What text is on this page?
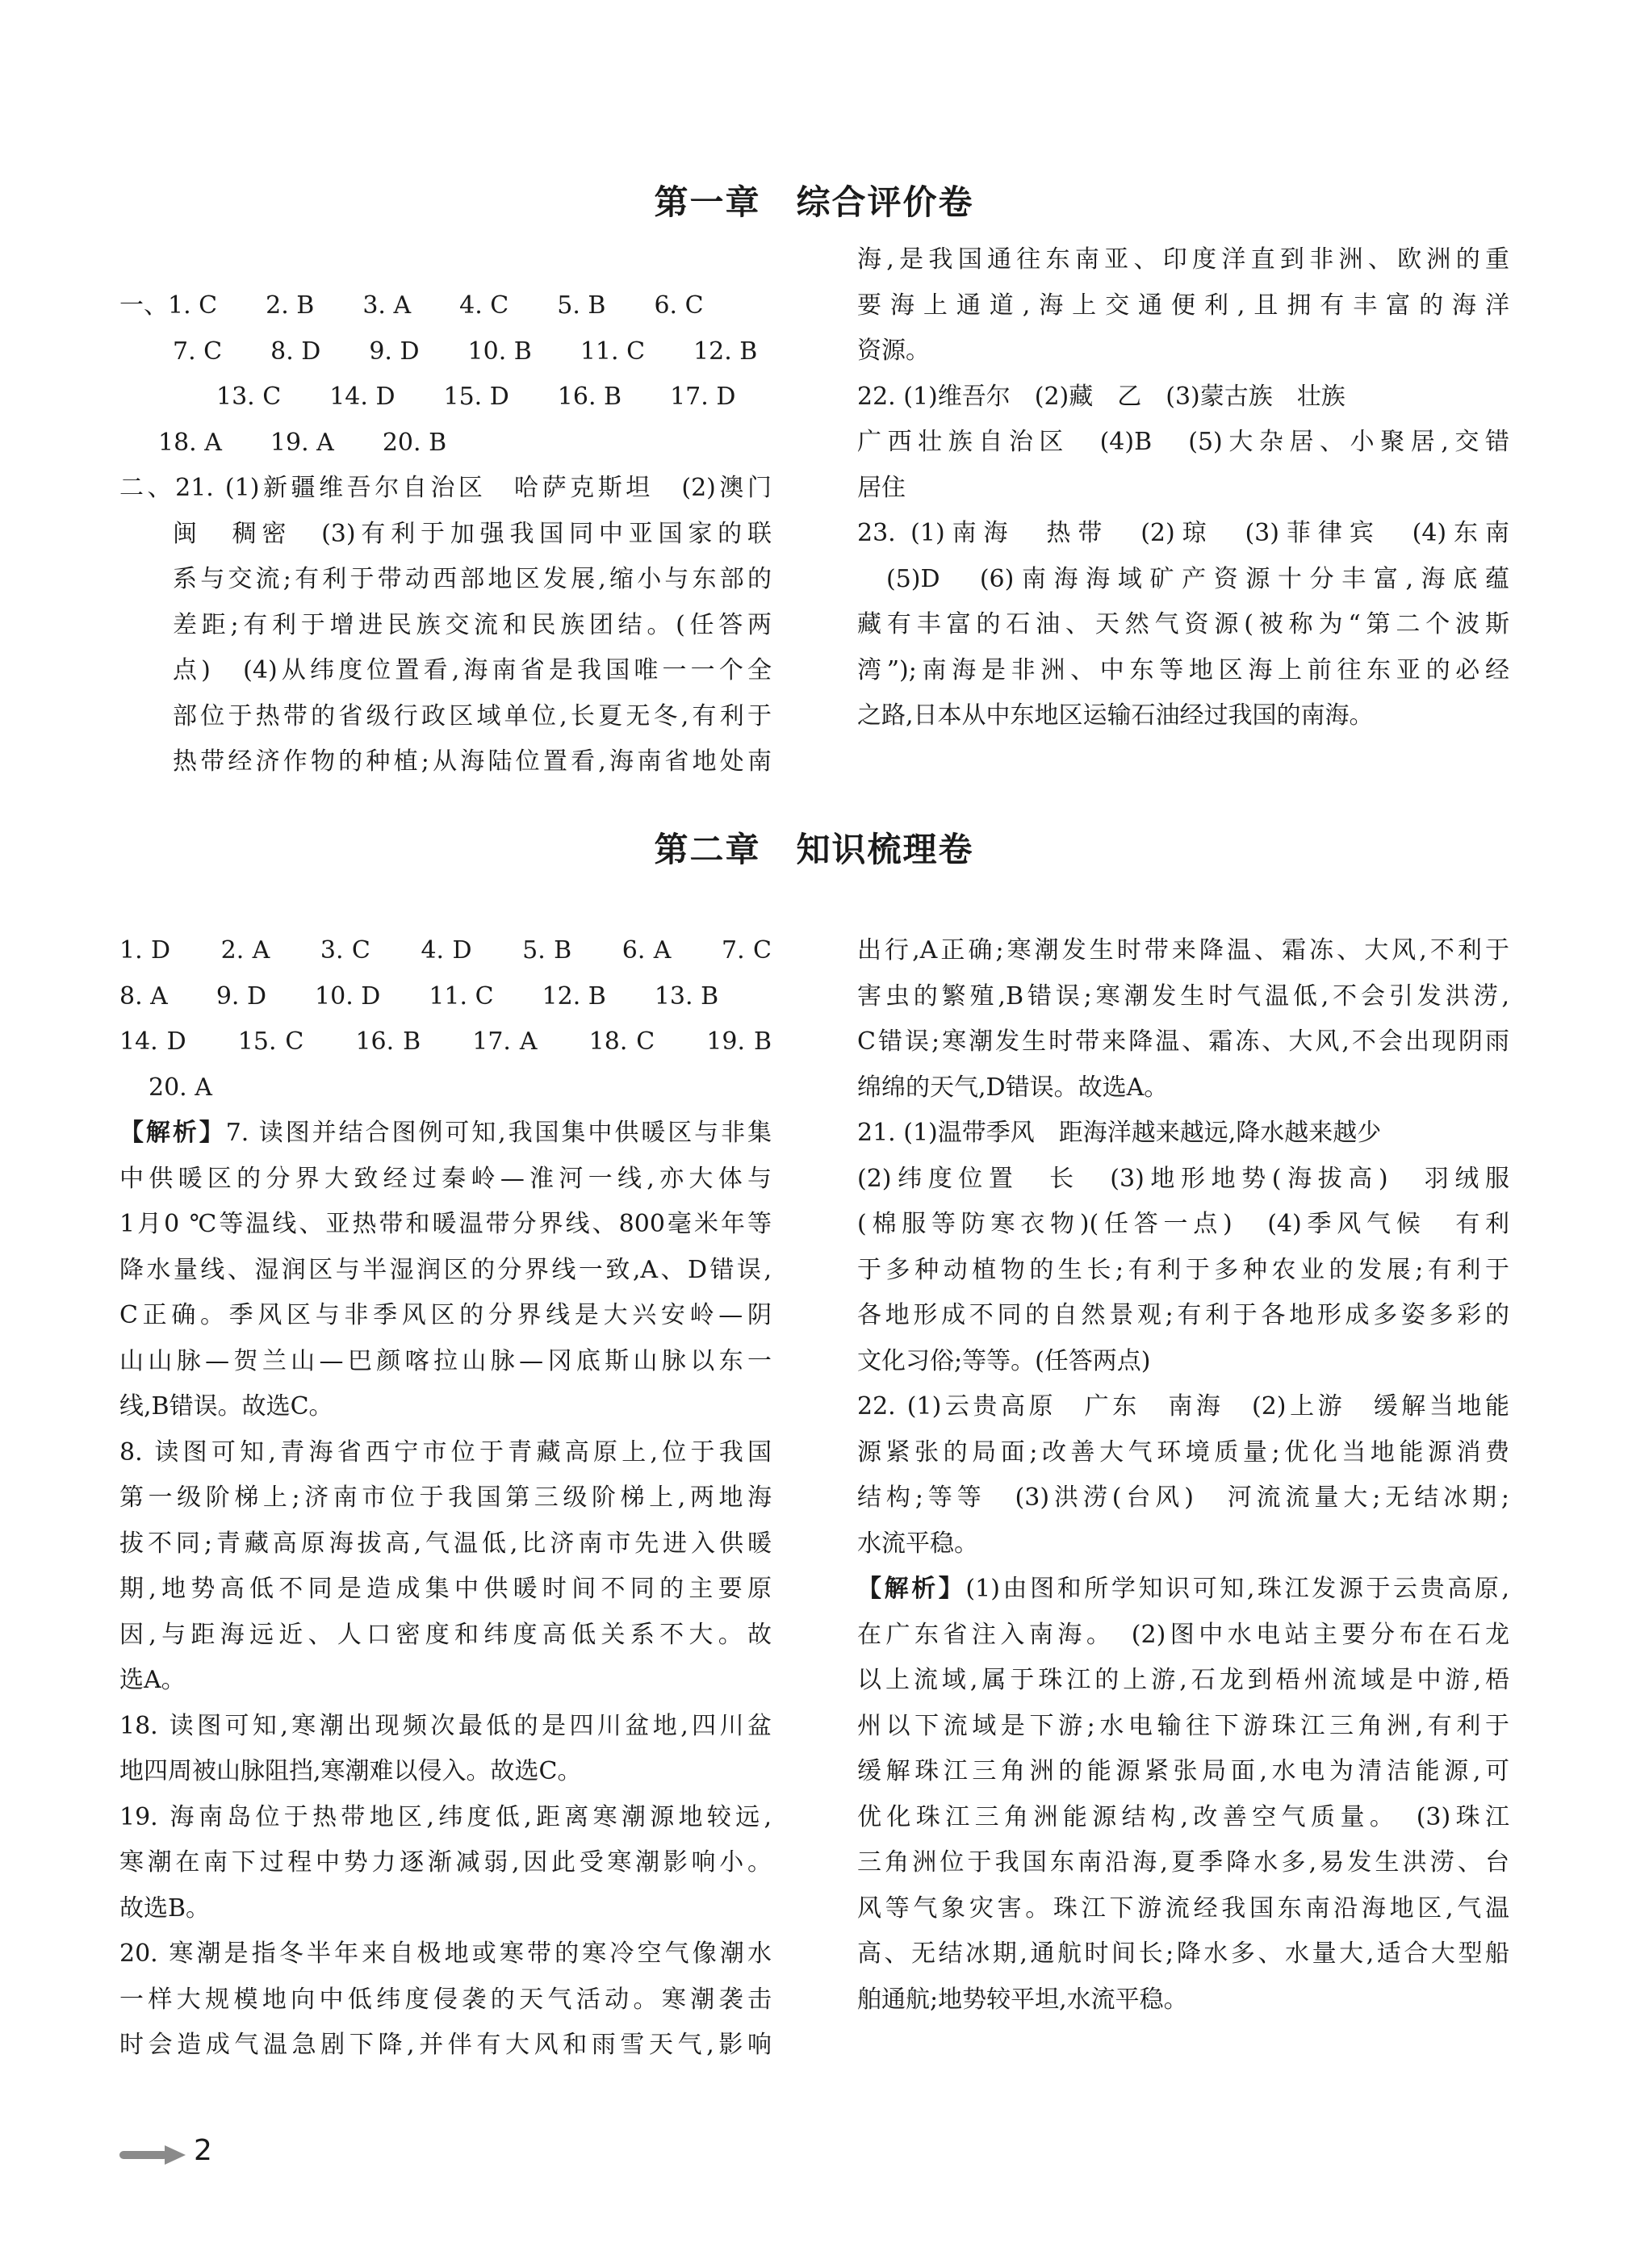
第一章　综合评价卷

一、1. C　　2. B　　3. A　　4. C　　5. B　　6. C

7. C　　8. D　　9. D　　10. B　　11. C　　12. B

13. C　　14. D　　15. D　　16. B　　17. D

18. A　　19. A　　20. B

二、21. (1)新疆维吾尔自治区　哈萨克斯坦　(2)澳门

闽　稠密　(3)有利于加强我国同中亚国家的联

系与交流;有利于带动西部地区发展,缩小与东部的

差距;有利于增进民族交流和民族团结。(任答两

点)　(4)从纬度位置看,海南省是我国唯一一个全

部位于热带的省级行政区域单位,长夏无冬,有利于

热带经济作物的种植;从海陆位置看,海南省地处南

海,是我国通往东南亚、印度洋直到非洲、欧洲的重

要海上通道,海上交通便利,且拥有丰富的海洋

资源。

22. (1)维吾尔　(2)藏　乙　(3)蒙古族　壮族

广西壮族自治区　(4)B　(5)大杂居、小聚居,交错

居住

23. (1)南海　热带　(2)琼　(3)菲律宾　(4)东南

(5)D　(6)南海海域矿产资源十分丰富,海底蕴

藏有丰富的石油、天然气资源(被称为“第二个波斯

湾”);南海是非洲、中东等地区海上前往东亚的必经

之路,日本从中东地区运输石油经过我国的南海。

第二章　知识梳理卷

1. D　　2. A　　3. C　　4. D　　5. B　　6. A　　7. C

8. A　　9. D　　10. D　　11. C　　12. B　　13. B

14. D　　15. C　　16. B　　17. A　　18. C　　19. B

20. A

【解析】7. 读图并结合图例可知,我国集中供暖区与非集

中供暖区的分界大致经过秦岭—淮河一线,亦大体与

1月0 ℃等温线、亚热带和暖温带分界线、800毫米年等

降水量线、湿润区与半湿润区的分界线一致,A、D错误,

C正确。季风区与非季风区的分界线是大兴安岭—阴

山山脉—贺兰山—巴颜喀拉山脉—冈底斯山脉以东一

线,B错误。故选C。

8. 读图可知,青海省西宁市位于青藏高原上,位于我国

第一级阶梯上;济南市位于我国第三级阶梯上,两地海

拔不同;青藏高原海拔高,气温低,比济南市先进入供暖

期,地势高低不同是造成集中供暖时间不同的主要原

因,与距海远近、人口密度和纬度高低关系不大。故

选A。

18. 读图可知,寒潮出现频次最低的是四川盆地,四川盆

地四周被山脉阻挡,寒潮难以侵入。故选C。

19. 海南岛位于热带地区,纬度低,距离寒潮源地较远,

寒潮在南下过程中势力逐渐减弱,因此受寒潮影响小。

故选B。

20. 寒潮是指冬半年来自极地或寒带的寒冷空气像潮水

一样大规模地向中低纬度侵袭的天气活动。寒潮袭击

时会造成气温急剧下降,并伴有大风和雨雪天气,影响

出行,A正确;寒潮发生时带来降温、霜冻、大风,不利于

害虫的繁殖,B错误;寒潮发生时气温低,不会引发洪涝,

C错误;寒潮发生时带来降温、霜冻、大风,不会出现阴雨

绵绵的天气,D错误。故选A。

21. (1)温带季风　距海洋越来越远,降水越来越少

(2)纬度位置　长　(3)地形地势(海拔高)　羽绒服

(棉服等防寒衣物)(任答一点)　(4)季风气候　有利

于多种动植物的生长;有利于多种农业的发展;有利于

各地形成不同的自然景观;有利于各地形成多姿多彩的

文化习俗;等等。(任答两点)

22. (1)云贵高原　广东　南海　(2)上游　缓解当地能

源紧张的局面;改善大气环境质量;优化当地能源消费

结构;等等　(3)洪涝(台风)　河流流量大;无结冰期;

水流平稳。

【解析】(1)由图和所学知识可知,珠江发源于云贵高原,

在广东省注入南海。　(2)图中水电站主要分布在石龙

以上流域,属于珠江的上游,石龙到梧州流域是中游,梧

州以下流域是下游;水电输往下游珠江三角洲,有利于

缓解珠江三角洲的能源紧张局面,水电为清洁能源,可

优化珠江三角洲能源结构,改善空气质量。　(3)珠江

三角洲位于我国东南沿海,夏季降水多,易发生洪涝、台

风等气象灾害。珠江下游流经我国东南沿海地区,气温

高、无结冰期,通航时间长;降水多、水量大,适合大型船

舶通航;地势较平坦,水流平稳。

2
